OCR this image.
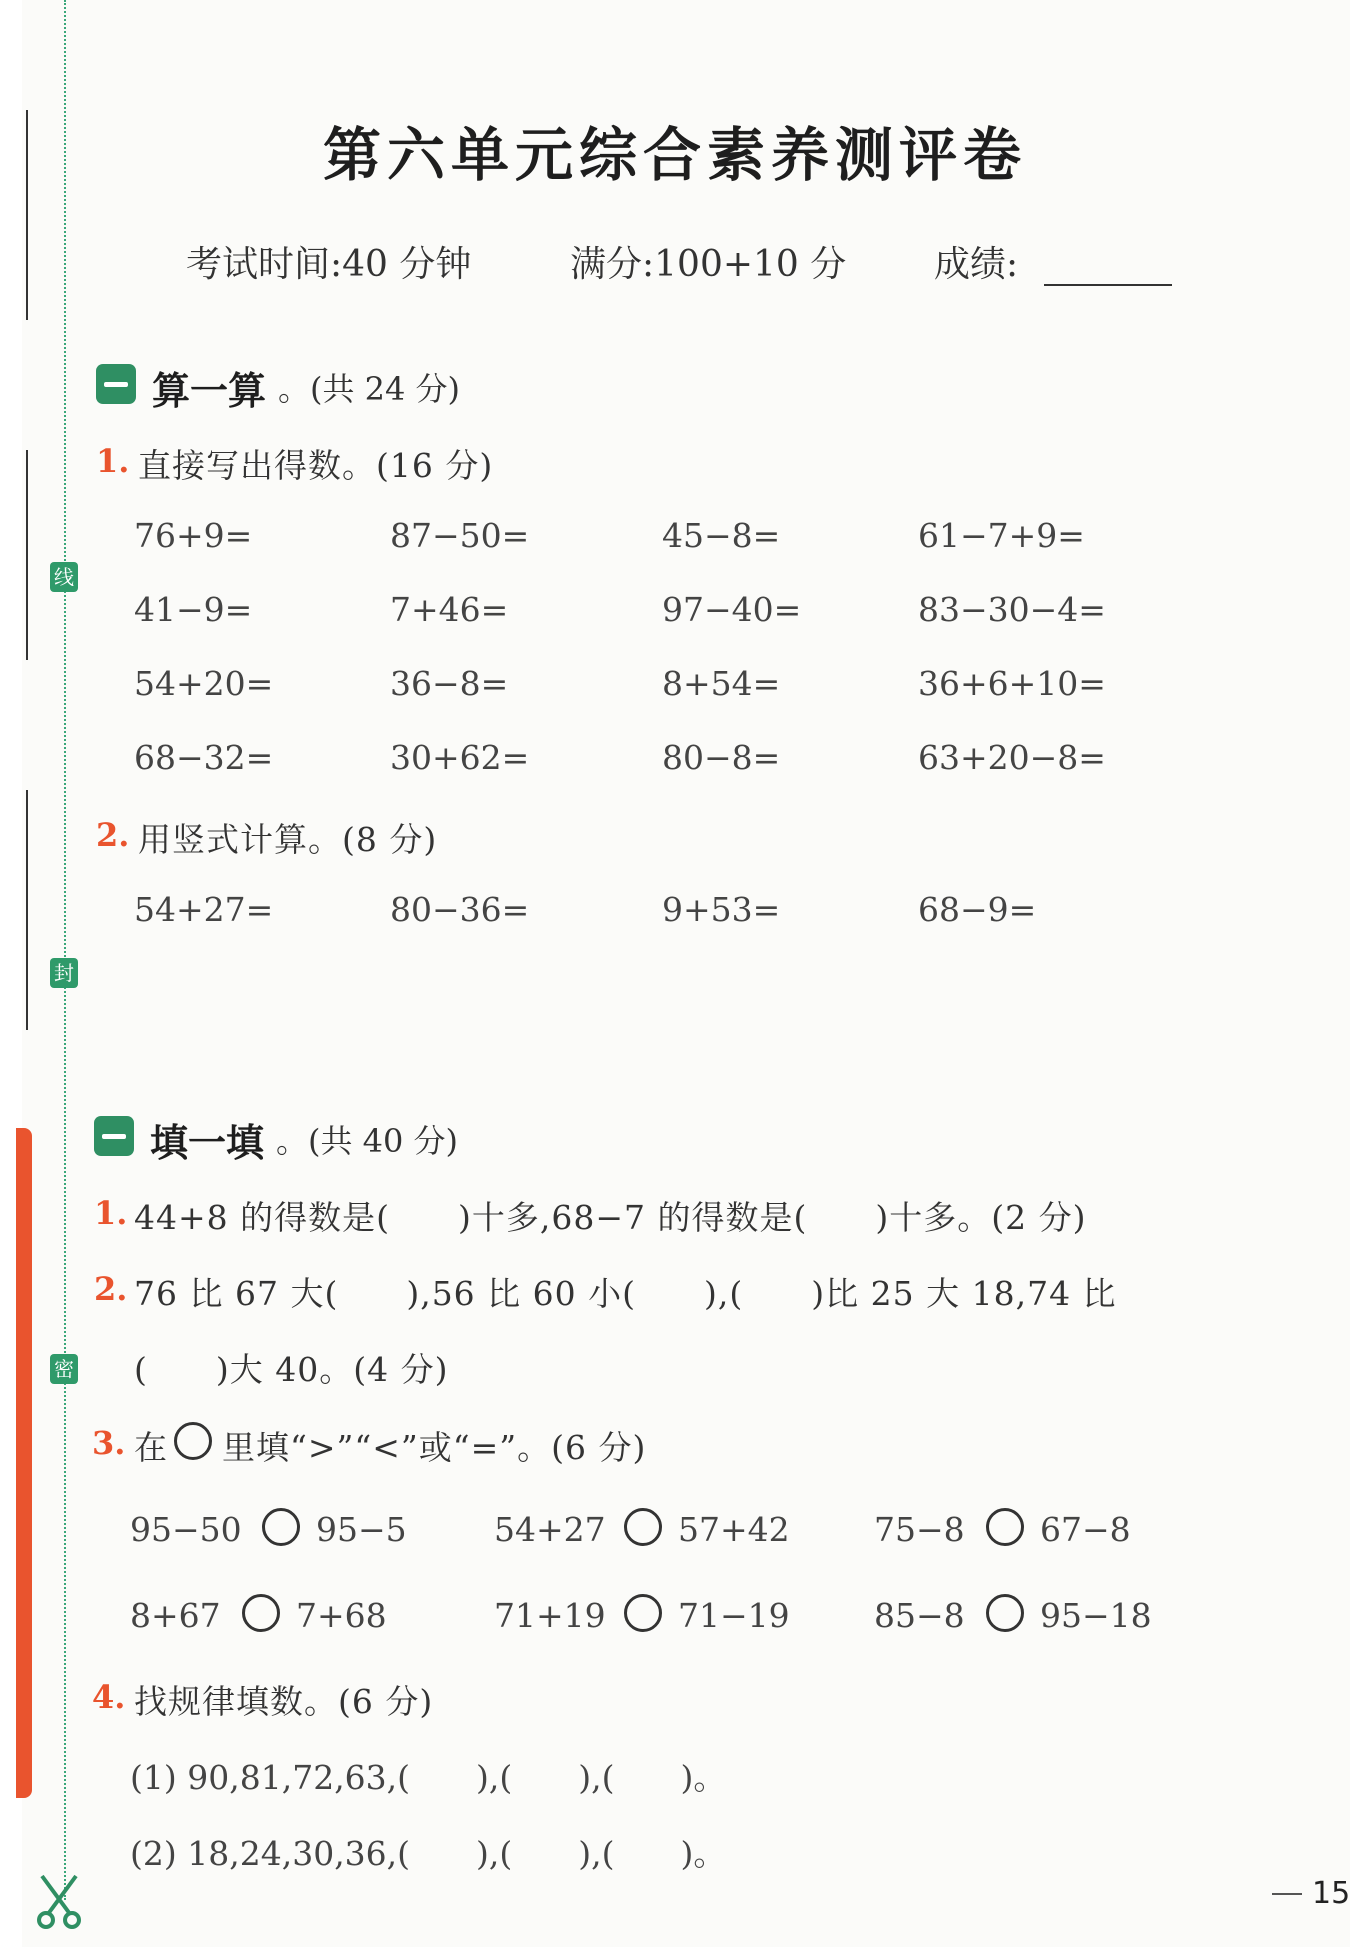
线
封
密
第六单元综合素养测评卷
考试时间:40 分钟	满分:100+10 分 成绩:
算一算 。(共 24 分)
1. 直接写出得数。(16 分)
76+9=	87−50=	45−8=	61−7+9=
41−9=	7+46=	97−40=	83−30−4=
54+20=	36−8=	8+54=	36+6+10=
68−32=	30+62=	80−8=	63+20−8=
2. 用竖式计算。(8 分)
54+27=	80−36=	9+53=	68−9=
填一填 。(共 40 分)
1. 44+8 的得数是(　　)十多,68−7 的得数是(　　)十多。(2 分)
2. 76 比 67 大(　　),56 比 60 小(　　),(　　)比 25 大 18,74 比
(　　)大 40。(4 分)
3. 在 里填“>”“<”或“=”。(6 分)
95−50 95−5	54+27 57+42	75−8 67−8
8+67 7+68	71+19 71−19	85−8 95−18
4. 找规律填数。(6 分)
(1) 90,81,72,63,(　　),(　　),(　　)。
(2) 18,24,30,36,(　　),(　　),(　　)。
15
